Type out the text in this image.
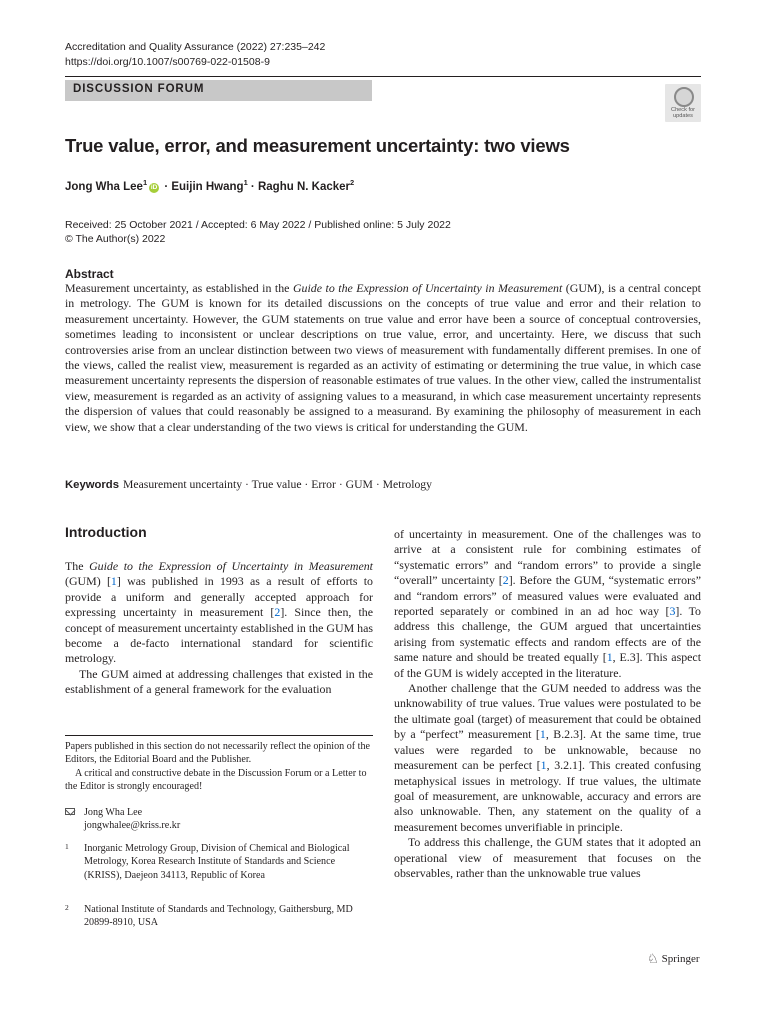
Accreditation and Quality Assurance (2022) 27:235–242
https://doi.org/10.1007/s00769-022-01508-9
DISCUSSION FORUM
Check for
updates
True value, error, and measurement uncertainty: two views
Jong Wha Lee$^1$iD · Euijin Hwang$^1$ · Raghu N. Kacker$^2$
Received: 25 October 2021 / Accepted: 6 May 2022 / Published online: 5 July 2022
© The Author(s) 2022
Abstract
Measurement uncertainty, as established in the Guide to the Expression of Uncertainty in Measurement (GUM), is a central concept in metrology. The GUM is known for its detailed discussions on the concepts of true value and error and their relation to measurement uncertainty. However, the GUM statements on true value and error have been a source of conceptual controversies, sometimes leading to inconsistent or unclear descriptions on true value, error, and uncertainty. Here, we discuss that such controversies arise from an unclear distinction between two views of measurement with fundamentally different premises. In one of the views, called the realist view, measurement is regarded as an activity of estimating or determining the true value, in which case measurement uncertainty represents the dispersion of reasonable estimates of true values. In the other view, called the instrumentalist view, measurement is regarded as an activity of assigning values to a measurand, in which case measurement uncertainty represents the dispersion of values that could reasonably be assigned to a measurand. By examining the philosophy of measurement in each view, we show that a clear understanding of the two views is critical for understanding the GUM.
Keywords Measurement uncertainty · True value · Error · GUM · Metrology
Introduction

The Guide to the Expression of Uncertainty in Measurement (GUM) [1] was published in 1993 as a result of efforts to provide a uniform and generally accepted approach for expressing uncertainty in measurement [2]. Since then, the concept of measurement uncertainty established in the GUM has become a de-facto international standard for scientific metrology.

The GUM aimed at addressing challenges that existed in the establishment of a general framework for the evaluation

of uncertainty in measurement. One of the challenges was to arrive at a consistent rule for combining estimates of “systematic errors” and “random errors” to provide a single “overall” uncertainty [2]. Before the GUM, “systematic errors” and “random errors” of measured values were evaluated and reported separately or combined in an ad hoc way [3]. To address this challenge, the GUM argued that uncertainties arising from systematic effects and random effects are of the same nature and should be treated equally [1, E.3]. This aspect of the GUM is widely accepted in the literature.

Another challenge that the GUM needed to address was the unknowability of true values. True values were postulated to be the ultimate goal (target) of measurement that could be obtained by a “perfect” measurement [1, B.2.3]. At the same time, true values were regarded to be unknowable, because no measurement can be perfect [1, 3.2.1]. This created confusing metaphysical issues in metrology. If true values, the ultimate goal of measurement, are unknowable, accuracy and errors are also unknowable. Then, any statement on the quality of a measurement becomes unverifiable in principle.

To address this challenge, the GUM states that it adopted an operational view of measurement that focuses on the observables, rather than the unknowable true values

Papers published in this section do not necessarily reflect the opinion of the Editors, the Editorial Board and the Publisher.

A critical and constructive debate in the Discussion Forum or a Letter to the Editor is strongly encouraged!

Jong Wha Lee
jongwhalee@kriss.re.kr
1 Inorganic Metrology Group, Division of Chemical and Biological Metrology, Korea Research Institute of Standards and Science (KRISS), Daejeon 34113, Republic of Korea
2 National Institute of Standards and Technology, Gaithersburg, MD 20899-8910, USA
♘ Springer
